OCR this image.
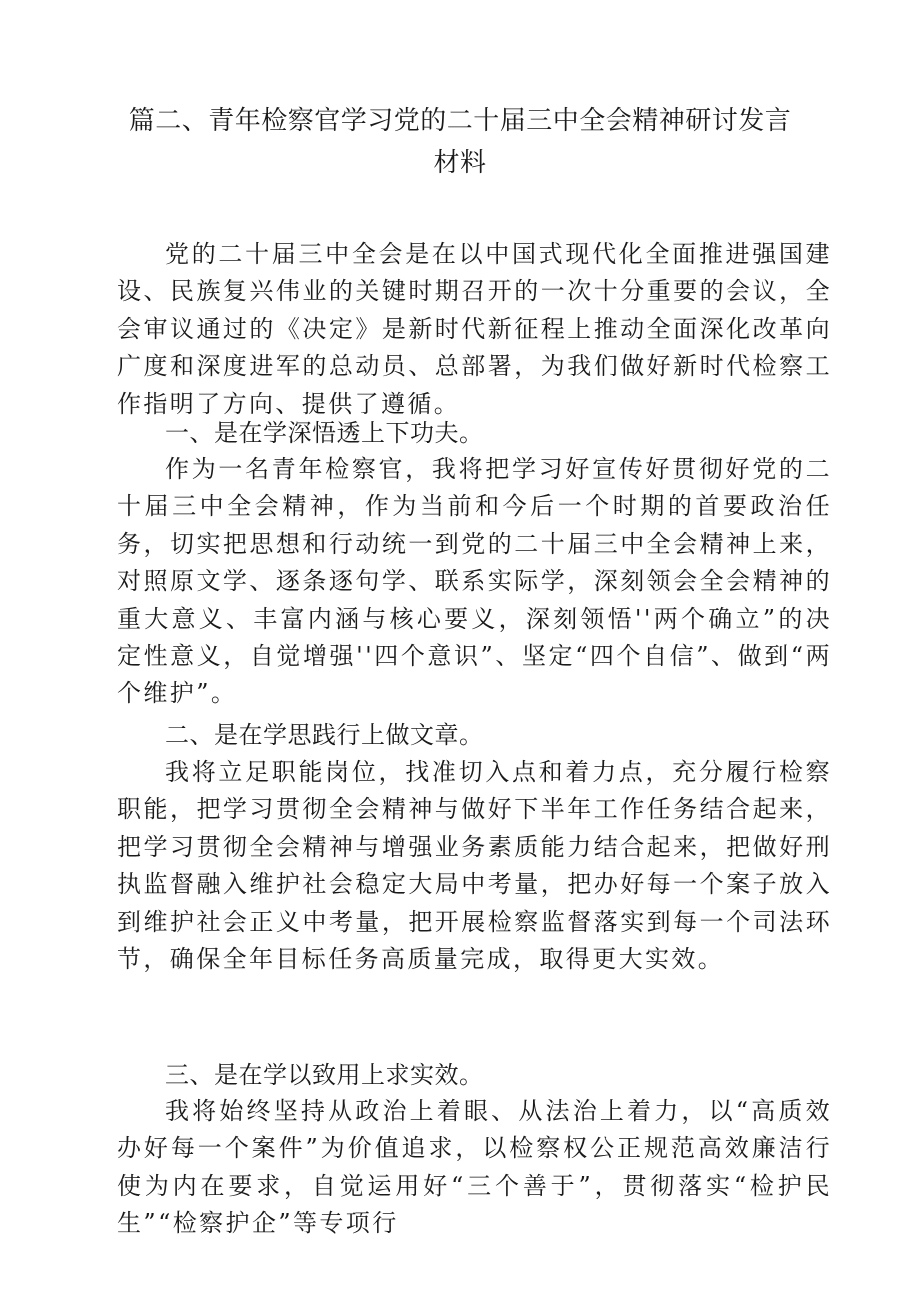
篇二、青年检察官学习党的二十届三中全会精神研讨发言
材料

党的二十届三中全会是在以中国式现代化全面推进强国建设、民族复兴伟业的关键时期召开的一次十分重要的会议，全会审议通过的《决定》是新时代新征程上推动全面深化改革向广度和深度进军的总动员、总部署，为我们做好新时代检察工作指明了方向、提供了遵循。

一、是在学深悟透上下功夫。

作为一名青年检察官，我将把学习好宣传好贯彻好党的二十届三中全会精神，作为当前和今后一个时期的首要政治任务，切实把思想和行动统一到党的二十届三中全会精神上来，对照原文学、逐条逐句学、联系实际学，深刻领会全会精神的重大意义、丰富内涵与核心要义，深刻领悟''两个确立”的决定性意义，自觉增强''四个意识”、坚定“四个自信”、做到“两个维护”。

二、是在学思践行上做文章。

我将立足职能岗位，找准切入点和着力点，充分履行检察职能，把学习贯彻全会精神与做好下半年工作任务结合起来，把学习贯彻全会精神与增强业务素质能力结合起来，把做好刑执监督融入维护社会稳定大局中考量，把办好每一个案子放入到维护社会正义中考量，把开展检察监督落实到每一个司法环节，确保全年目标任务高质量完成，取得更大实效。

三、是在学以致用上求实效。

我将始终坚持从政治上着眼、从法治上着力，以“高质效办好每一个案件”为价值追求，以检察权公正规范高效廉洁行使为内在要求，自觉运用好“三个善于”，贯彻落实“检护民生”“检察护企”等专项行
